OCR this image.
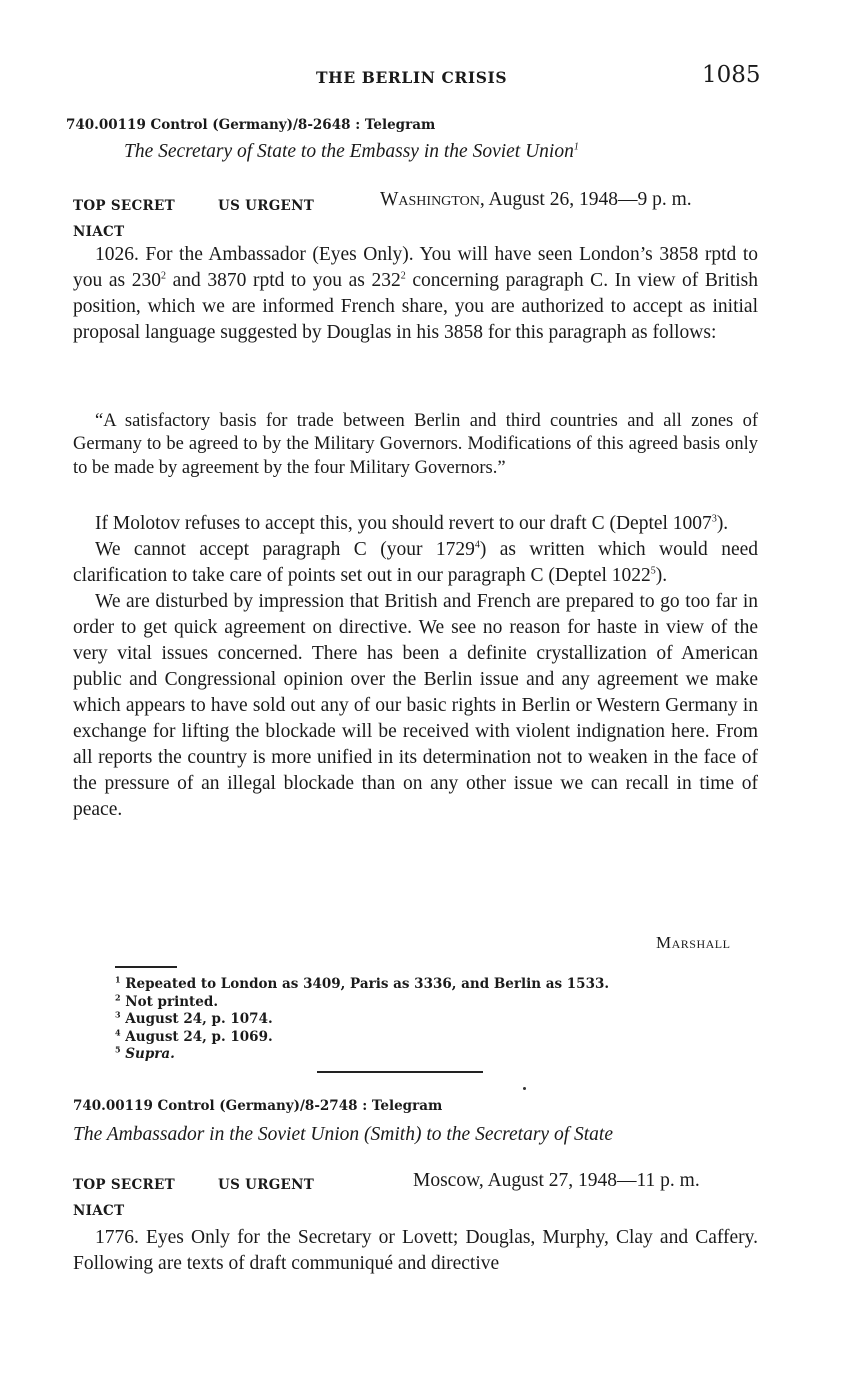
THE BERLIN CRISIS	1085
740.00119 Control (Germany)/8-2648 : Telegram
The Secretary of State to the Embassy in the Soviet Union$^1$
TOP SECRET	US URGENT	Washington, August 26, 1948—9 p. m.
NIACT

1026. For the Ambassador (Eyes Only). You will have seen London’s 3858 rptd to you as $230^2$ and 3870 rptd to you as $232^2$ concerning paragraph C. In view of British position, which we are informed French share, you are authorized to accept as initial proposal language suggested by Douglas in his 3858 for this paragraph as follows:

“A satisfactory basis for trade between Berlin and third countries and all zones of Germany to be agreed to by the Military Governors. Modifications of this agreed basis only to be made by agreement by the four Military Governors.”

If Molotov refuses to accept this, you should revert to our draft C (Deptel 1007$^3$).

We cannot accept paragraph C (your 1729$^4$) as written which would need clarification to take care of points set out in our paragraph C (Deptel 1022$^5$).

We are disturbed by impression that British and French are prepared to go too far in order to get quick agreement on directive. We see no reason for haste in view of the very vital issues concerned. There has been a definite crystallization of American public and Congressional opinion over the Berlin issue and any agreement we make which appears to have sold out any of our basic rights in Berlin or Western Germany in exchange for lifting the blockade will be received with violent indignation here. From all reports the country is more unified in its determination not to weaken in the face of the pressure of an illegal blockade than on any other issue we can recall in time of peace.

Marshall
$^1$ Repeated to London as 3409, Paris as 3336, and Berlin as 1533.
$^2$ Not printed.
$^3$ August 24, p. 1074.
$^4$ August 24, p. 1069.
$^5$ Supra.
740.00119 Control (Germany)/8-2748 : Telegram
The Ambassador in the Soviet Union (Smith) to the Secretary of State
TOP SECRET	US URGENT	Moscow, August 27, 1948—11 p. m.
NIACT

1776. Eyes Only for the Secretary or Lovett; Douglas, Murphy, Clay and Caffery. Following are texts of draft communiqué and directive
